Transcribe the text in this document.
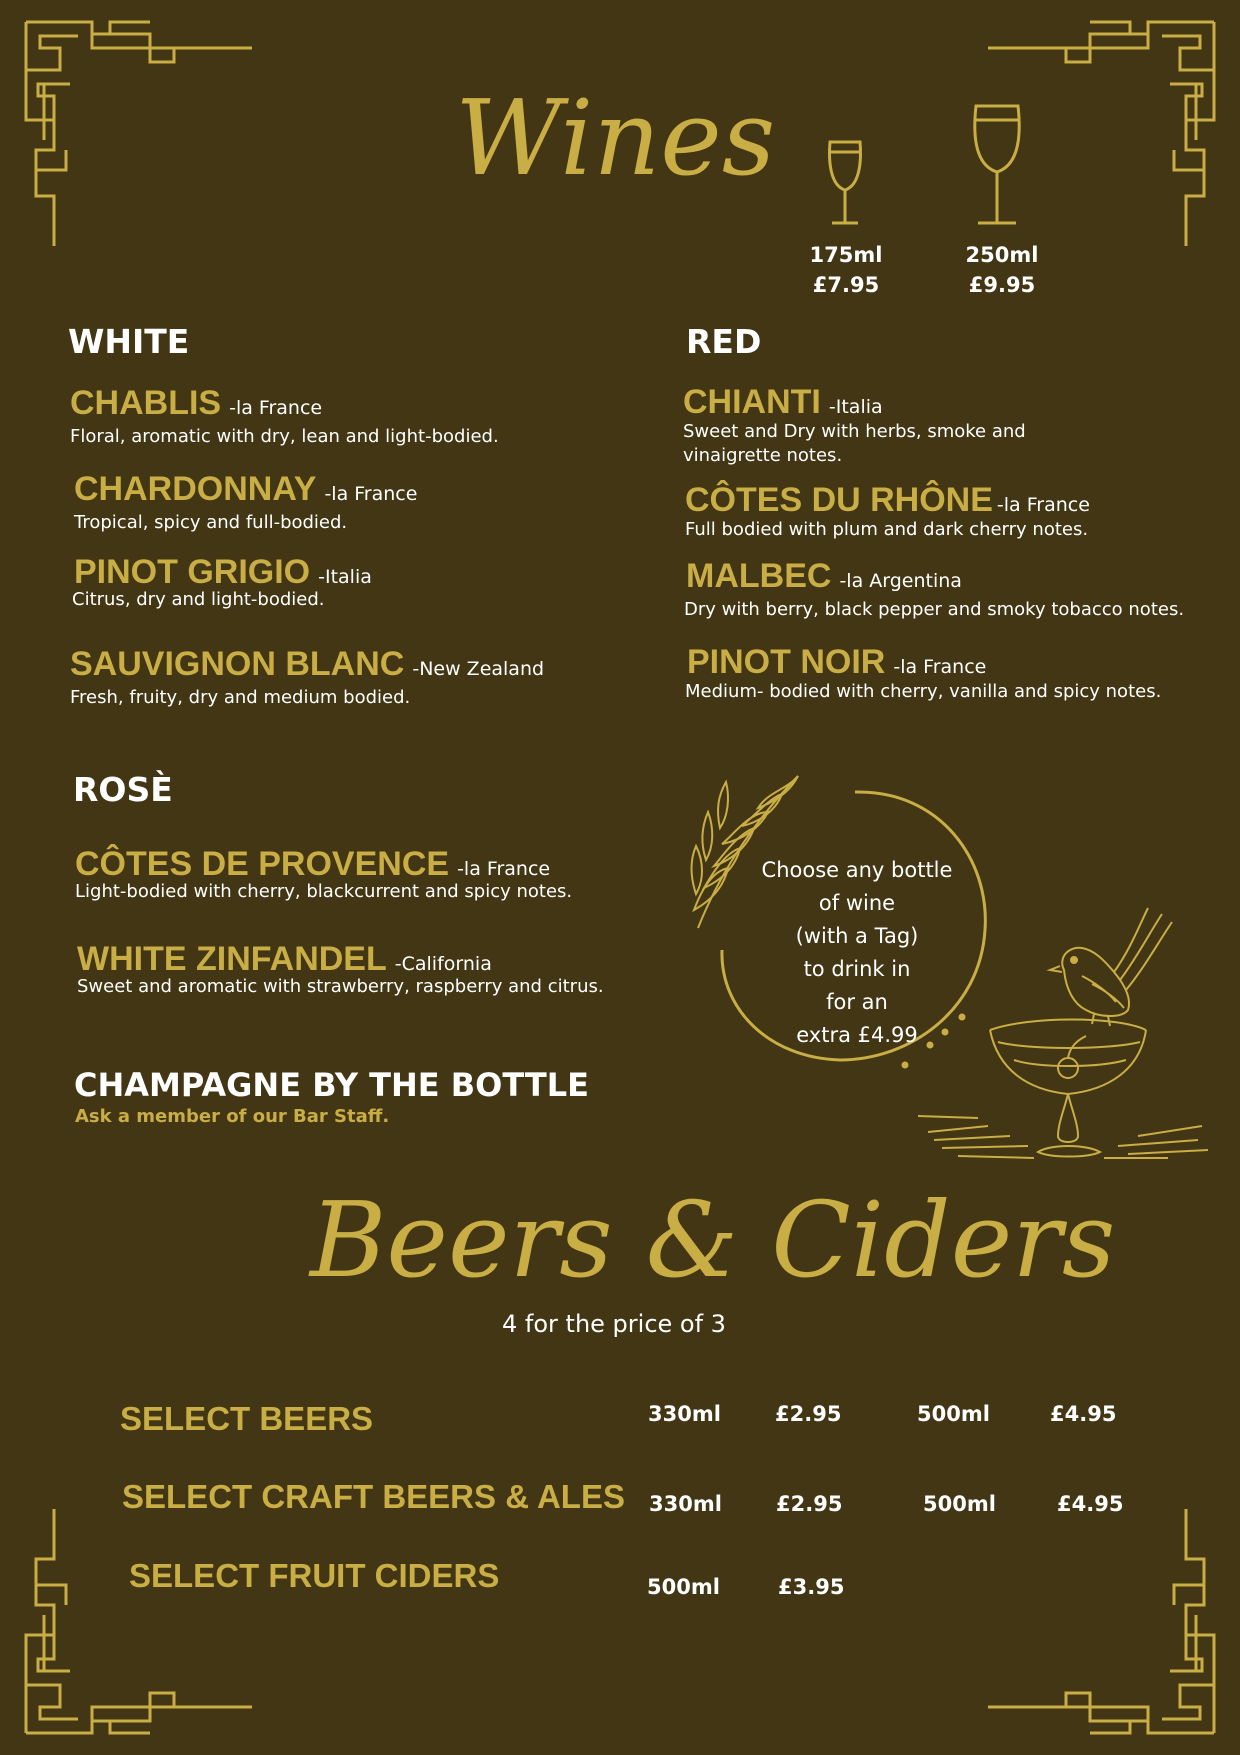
Wines
175ml
£7.95
250ml
£9.95
WHITE
CHABLIS -la France
Floral, aromatic with dry, lean and light-bodied.
CHARDONNAY -la France
Tropical, spicy and full-bodied.
PINOT GRIGIO -Italia
Citrus, dry and light-bodied.
SAUVIGNON BLANC -New Zealand
Fresh, fruity, dry and medium bodied.
RED
CHIANTI -Italia
Sweet and Dry with herbs, smoke and vinaigrette notes.
CÔTES DU RHÔNE -la France
Full bodied with plum and dark cherry notes.
MALBEC -la Argentina
Dry with berry, black pepper and smoky tobacco notes.
PINOT NOIR -la France
Medium- bodied with cherry, vanilla and spicy notes.
ROSÈ
CÔTES DE PROVENCE -la France
Light-bodied with cherry, blackcurrent and spicy notes.
WHITE ZINFANDEL -California
Sweet and aromatic with strawberry, raspberry and citrus.
CHAMPAGNE BY THE BOTTLE
Ask a member of our Bar Staff.
Choose any bottle
of wine
(with a Tag)
to drink in
for an
extra £4.99
Beers & Ciders
4 for the price of 3
SELECT BEERS	330ml	£2.95	500ml	£4.95
SELECT CRAFT BEERS & ALES 330ml	£2.95	500ml	£4.95
SELECT FRUIT CIDERS	500ml	£3.95
